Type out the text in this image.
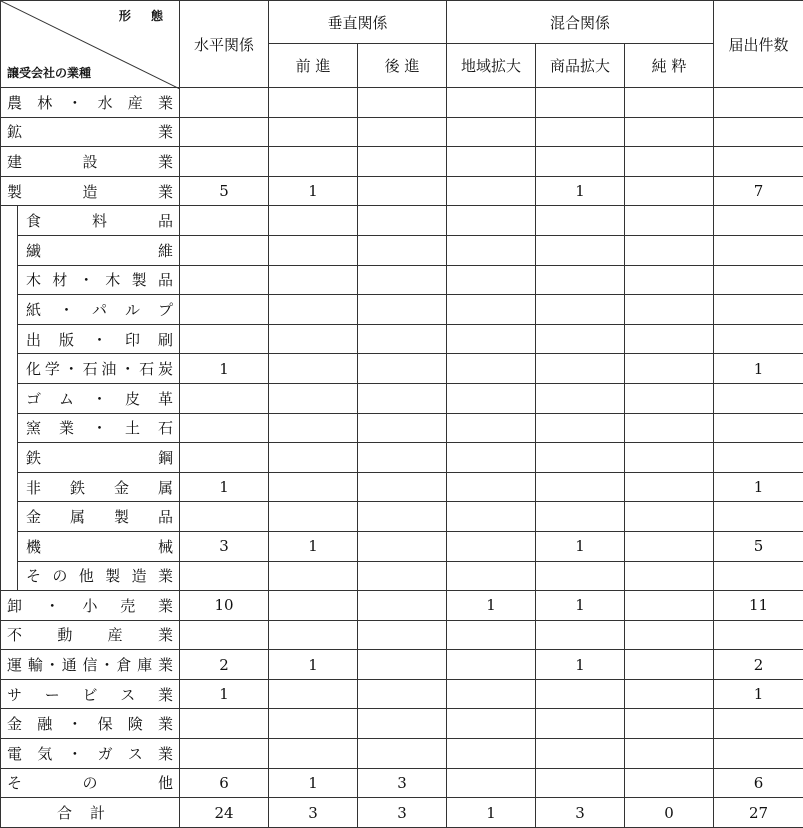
形 態
譲受会社の業種		水平関係	垂直関係		混合関係			届出件数
			前 進	後 進	地域拡大	商品拡大	純 粋	
農林・水産業								
鉱業								
建設業								
製造業		5	1			1		7
	食料品							
	繊維							
	木材・木製品							
	紙・パルプ							
	出版・印刷							
	化学・石油・石炭	1						1
	ゴム・皮革							
	窯業・土石							
	鉄鋼							
	非鉄金属	1						1
	金属製品							
	機械	3	1			1		5
	その他製造業							
卸・小売業		10			1	1		11
不動産業								
運輸･通信･倉庫業		2	1			1		2
サービス業		1						1
金融・保険業								
電気・ガス業								
その他		6	1	3				6
合計		24	3	3	1	3	0	27
